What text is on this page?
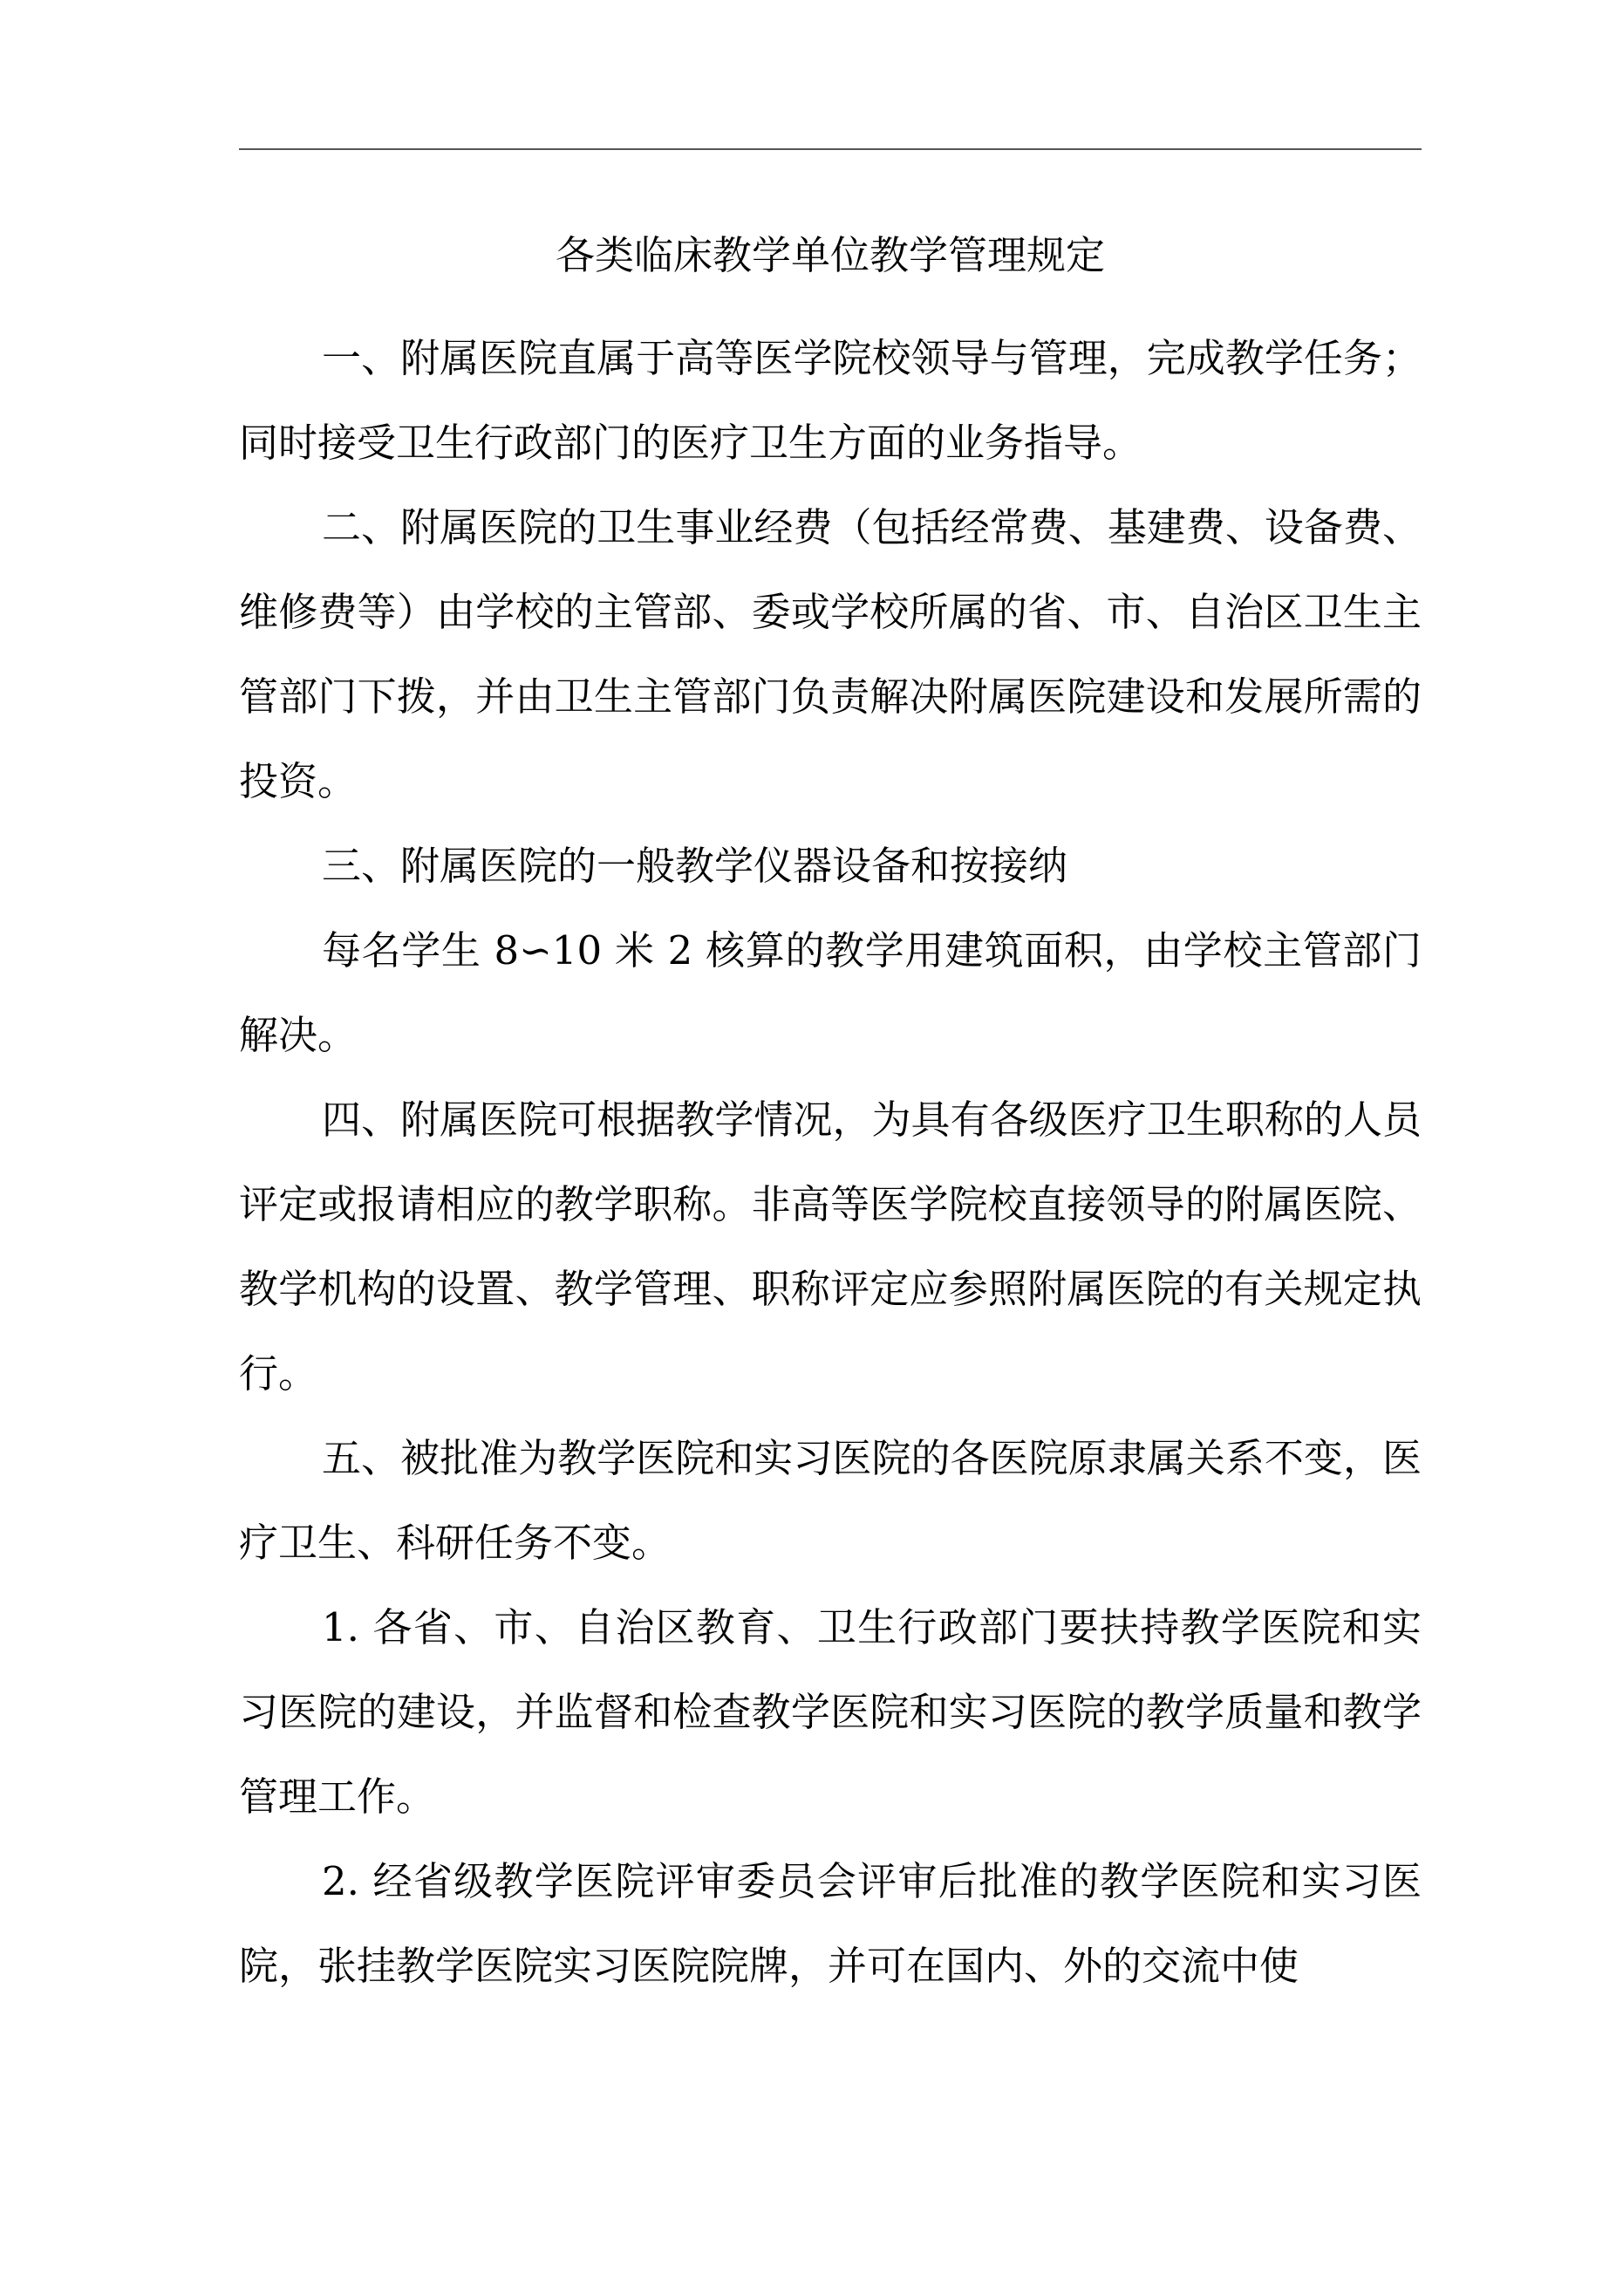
各类临床教学单位教学管理规定

一、附属医院直属于高等医学院校领导与管理，完成教学任务；同时接受卫生行政部门的医疗卫生方面的业务指导。

二、附属医院的卫生事业经费（包括经常费、基建费、设备费、维修费等）由学校的主管部、委或学校所属的省、市、自治区卫生主管部门下拨，并由卫生主管部门负责解决附属医院建设和发展所需的投资。

三、附属医院的一般教学仪器设备和按接纳

每名学生 8∽10 米 2 核算的教学用建筑面积，由学校主管部门解决。

四、附属医院可根据教学情况，为具有各级医疗卫生职称的人员评定或报请相应的教学职称。非高等医学院校直接领导的附属医院、教学机构的设置、教学管理、职称评定应参照附属医院的有关规定执行。

五、被批准为教学医院和实习医院的各医院原隶属关系不变，医疗卫生、科研任务不变。

1. 各省、市、自治区教育、卫生行政部门要扶持教学医院和实习医院的建设，并监督和检查教学医院和实习医院的教学质量和教学管理工作。

2. 经省级教学医院评审委员会评审后批准的教学医院和实习医院，张挂教学医院实习医院院牌，并可在国内、外的交流中使
